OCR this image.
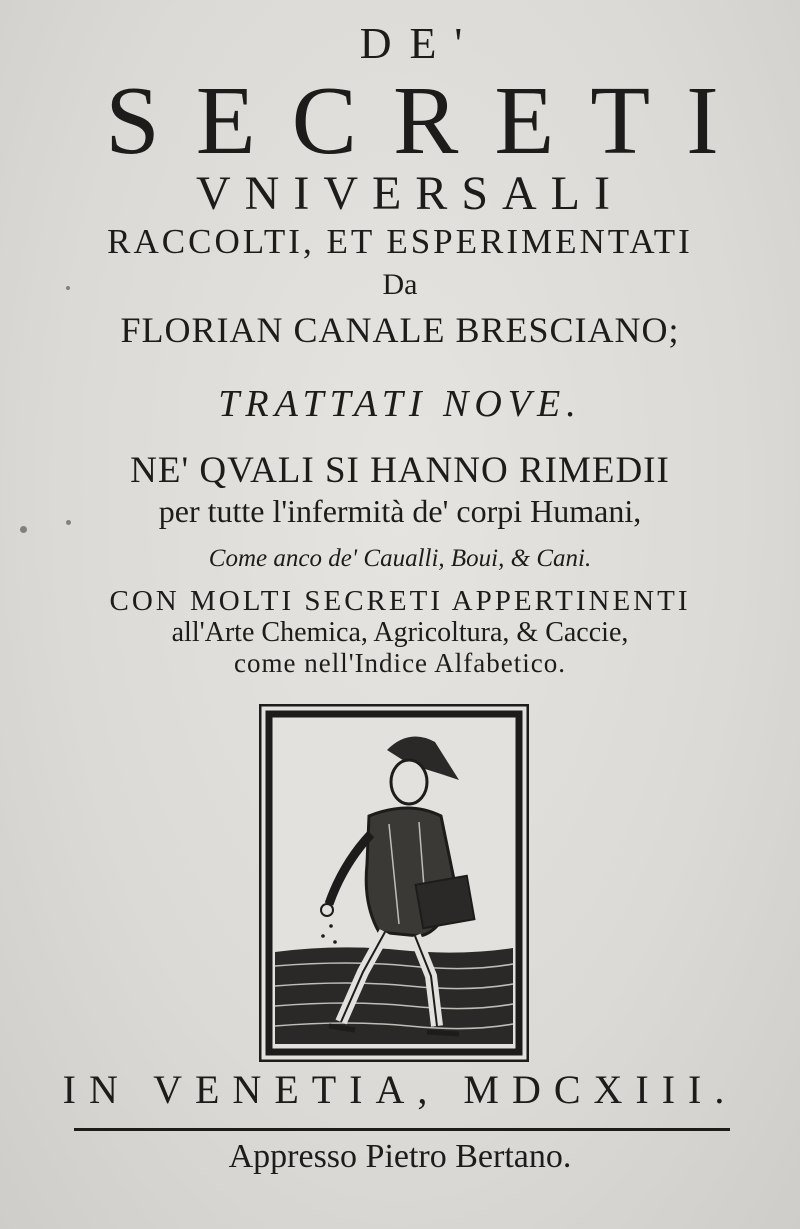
DE'
SECRETI
VNIVERSALI
RACCOLTI, ET ESPERIMENTATI
Da
FLORIAN CANALE BRESCIANO;
TRATTATI NOVE.
NE' QVALI SI HANNO RIMEDII
per tutte l'infermità de' corpi Humani,
Come anco de' Caualli, Boui, & Cani.
CON MOLTI SECRETI APPERTINENTI
all'Arte Chemica, Agricoltura, & Caccie,
come nell'Indice Alfabetico.
IN VENETIA, MDCXIII.
Appresso Pietro Bertano.
